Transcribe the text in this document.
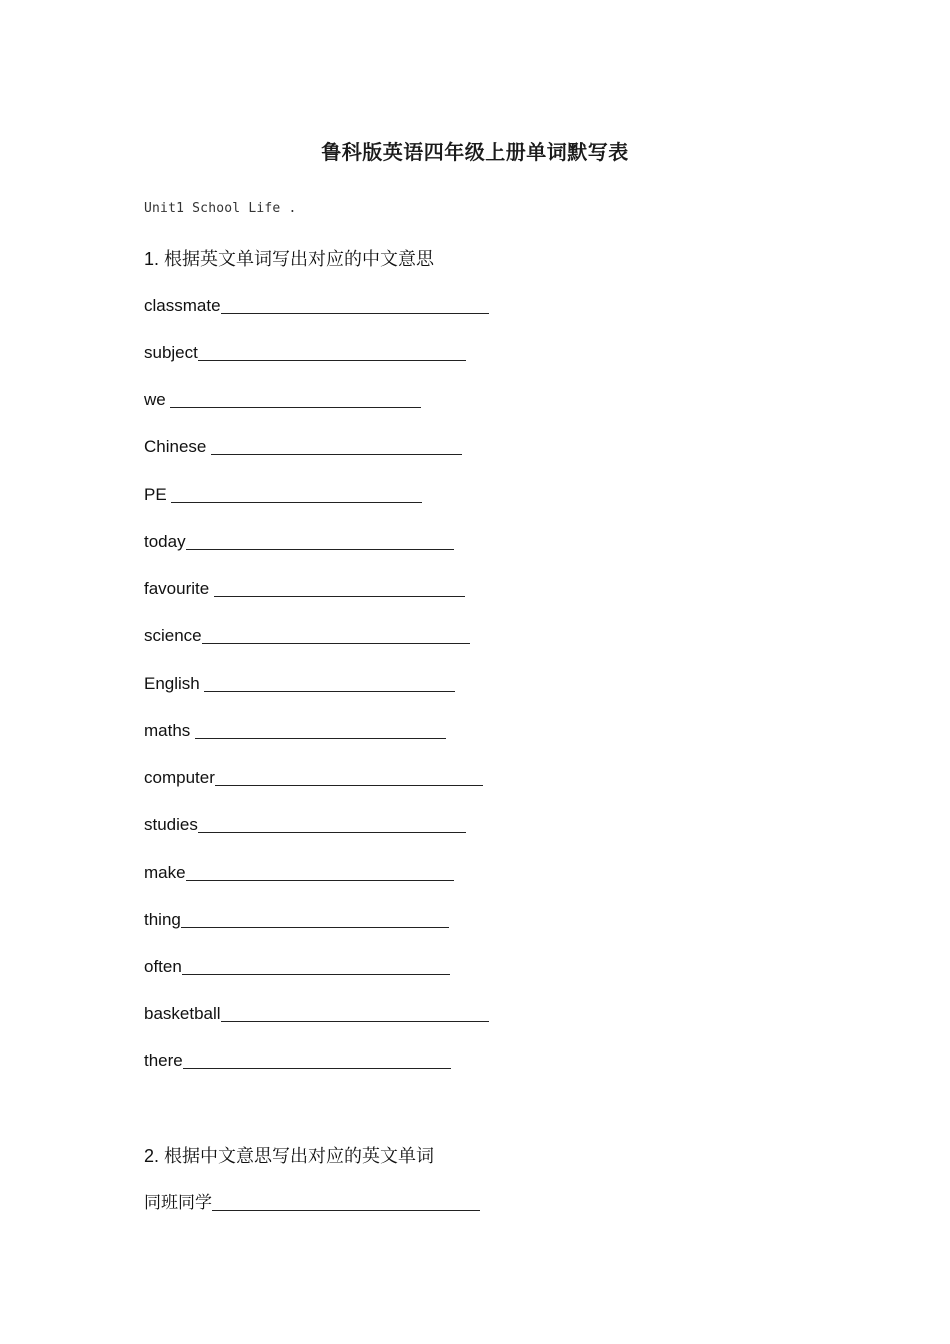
鲁科版英语四年级上册单词默写表
Unit1 School Life .
1. 根据英文单词写出对应的中文意思
classmate
subject
we
Chinese
PE
today
favourite
science
English
maths
computer
studies
make
thing
often
basketball
there
2. 根据中文意思写出对应的英文单词
同班同学
